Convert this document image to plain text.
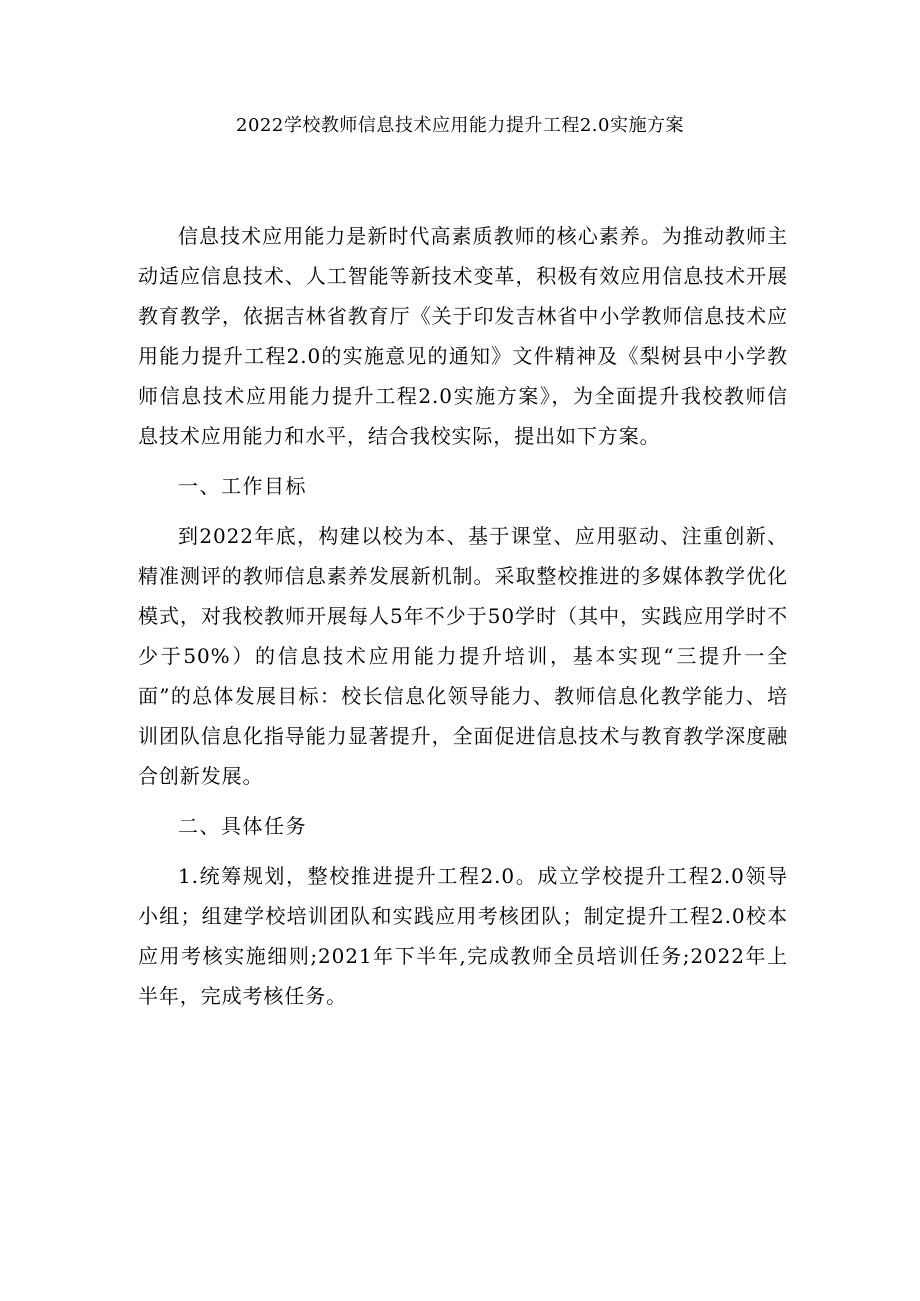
2022学校教师信息技术应用能力提升工程2.0实施方案

信息技术应用能力是新时代高素质教师的核心素养。为推动教师主动适应信息技术、人工智能等新技术变革，积极有效应用信息技术开展教育教学，依据吉林省教育厅《关于印发吉林省中小学教师信息技术应用能力提升工程2.0的实施意见的通知》文件精神及《梨树县中小学教师信息技术应用能力提升工程2.0实施方案》，为全面提升我校教师信息技术应用能力和水平，结合我校实际，提出如下方案。

一、工作目标

到2022年底，构建以校为本、基于课堂、应用驱动、注重创新、精准测评的教师信息素养发展新机制。采取整校推进的多媒体教学优化模式，对我校教师开展每人5年不少于50学时（其中，实践应用学时不少于50%）的信息技术应用能力提升培训，基本实现“三提升一全面”的总体发展目标：校长信息化领导能力、教师信息化教学能力、培训团队信息化指导能力显著提升，全面促进信息技术与教育教学深度融合创新发展。

二、具体任务

1.统筹规划，整校推进提升工程2.0。成立学校提升工程2.0领导小组；组建学校培训团队和实践应用考核团队；制定提升工程2.0校本应用考核实施细则;2021年下半年,完成教师全员培训任务;2022年上半年，完成考核任务。
